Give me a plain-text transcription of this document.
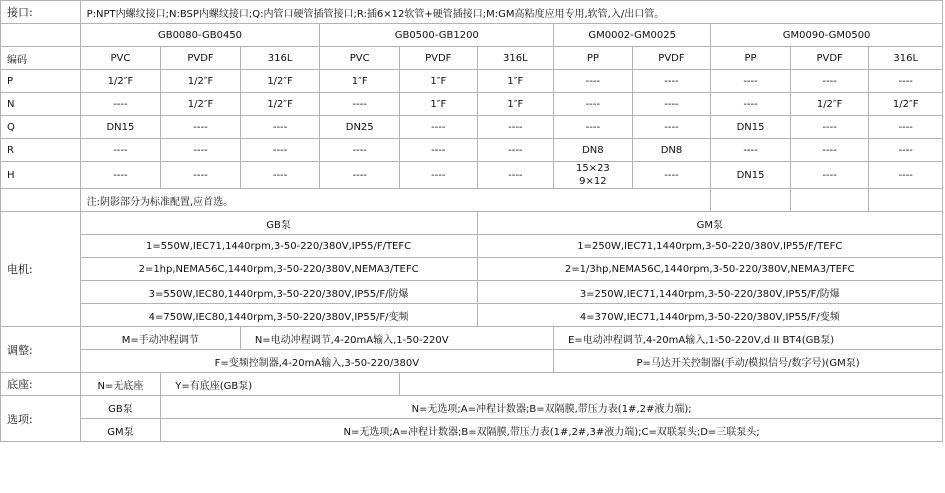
接口:	P:NPT内螺纹接口;N:BSP内螺纹接口;Q:内管口硬管插管接口;R:插6×12软管+硬管插接口;M:GM高粘度应用专用,软管,入/出口管。										
	GB0080-GB0450			GB0500-GB1200			GM0002-GM0025		GM0090-GM0500		
编码	PVC	PVDF	316L	PVC	PVDF	316L	PP	PVDF	PP	PVDF	316L
P	1/2″F	1/2″F	1/2″F	1″F	1″F	1″F	----	----	----	----	----
N	----	1/2″F	1/2″F	----	1″F	1″F	----	----	----	1/2″F	1/2″F
Q	DN15	----	----	DN25	----	----	----	----	DN15	----	----
R	----	----	----	----	----	----	DN8	DN8	----	----	----
H	----	----	----	----	----	----	15×23
9×12	----	DN15	----	----
	注:阴影部分为标准配置,应首选。										
电机:	GB泵					GM泵					
	1=550W,IEC71,1440rpm,3-50-220/380V,IP55/F/TEFC					1=250W,IEC71,1440rpm,3-50-220/380V,IP55/F/TEFC					
	2=1hp,NEMA56C,1440rpm,3-50-220/380V,NEMA3/TEFC					2=1/3hp,NEMA56C,1440rpm,3-50-220/380V,NEMA3/TEFC					
	3=550W,IEC80,1440rpm,3-50-220/380V,IP55/F/防爆					3=250W,IEC71,1440rpm,3-50-220/380V,IP55/F/防爆					
	4=750W,IEC80,1440rpm,3-50-220/380V,IP55/F/变频					4=370W,IEC71,1440rpm,3-50-220/380V,IP55/F/变频					
调整:	M=手动冲程调节		N=电动冲程调节,4-20mA输入,1-50-220V				E=电动冲程调节,4-20mA输入,1-50-220V,d II BT4(GB泵)				
	F=变频控制器,4-20mA输入,3-50-220/380V						P=马达开关控制器(手动/模拟信号/数字号)(GM泵)				
底座:	N=无底座	Y=有底座(GB泵)									
选项:	GB泵	N=无选项;A=冲程计数器;B=双隔膜,带压力表(1#,2#液力端);									
	GM泵	N=无选项;A=冲程计数器;B=双隔膜,带压力表(1#,2#,3#液力端);C=双联泵头;D=三联泵头;									
